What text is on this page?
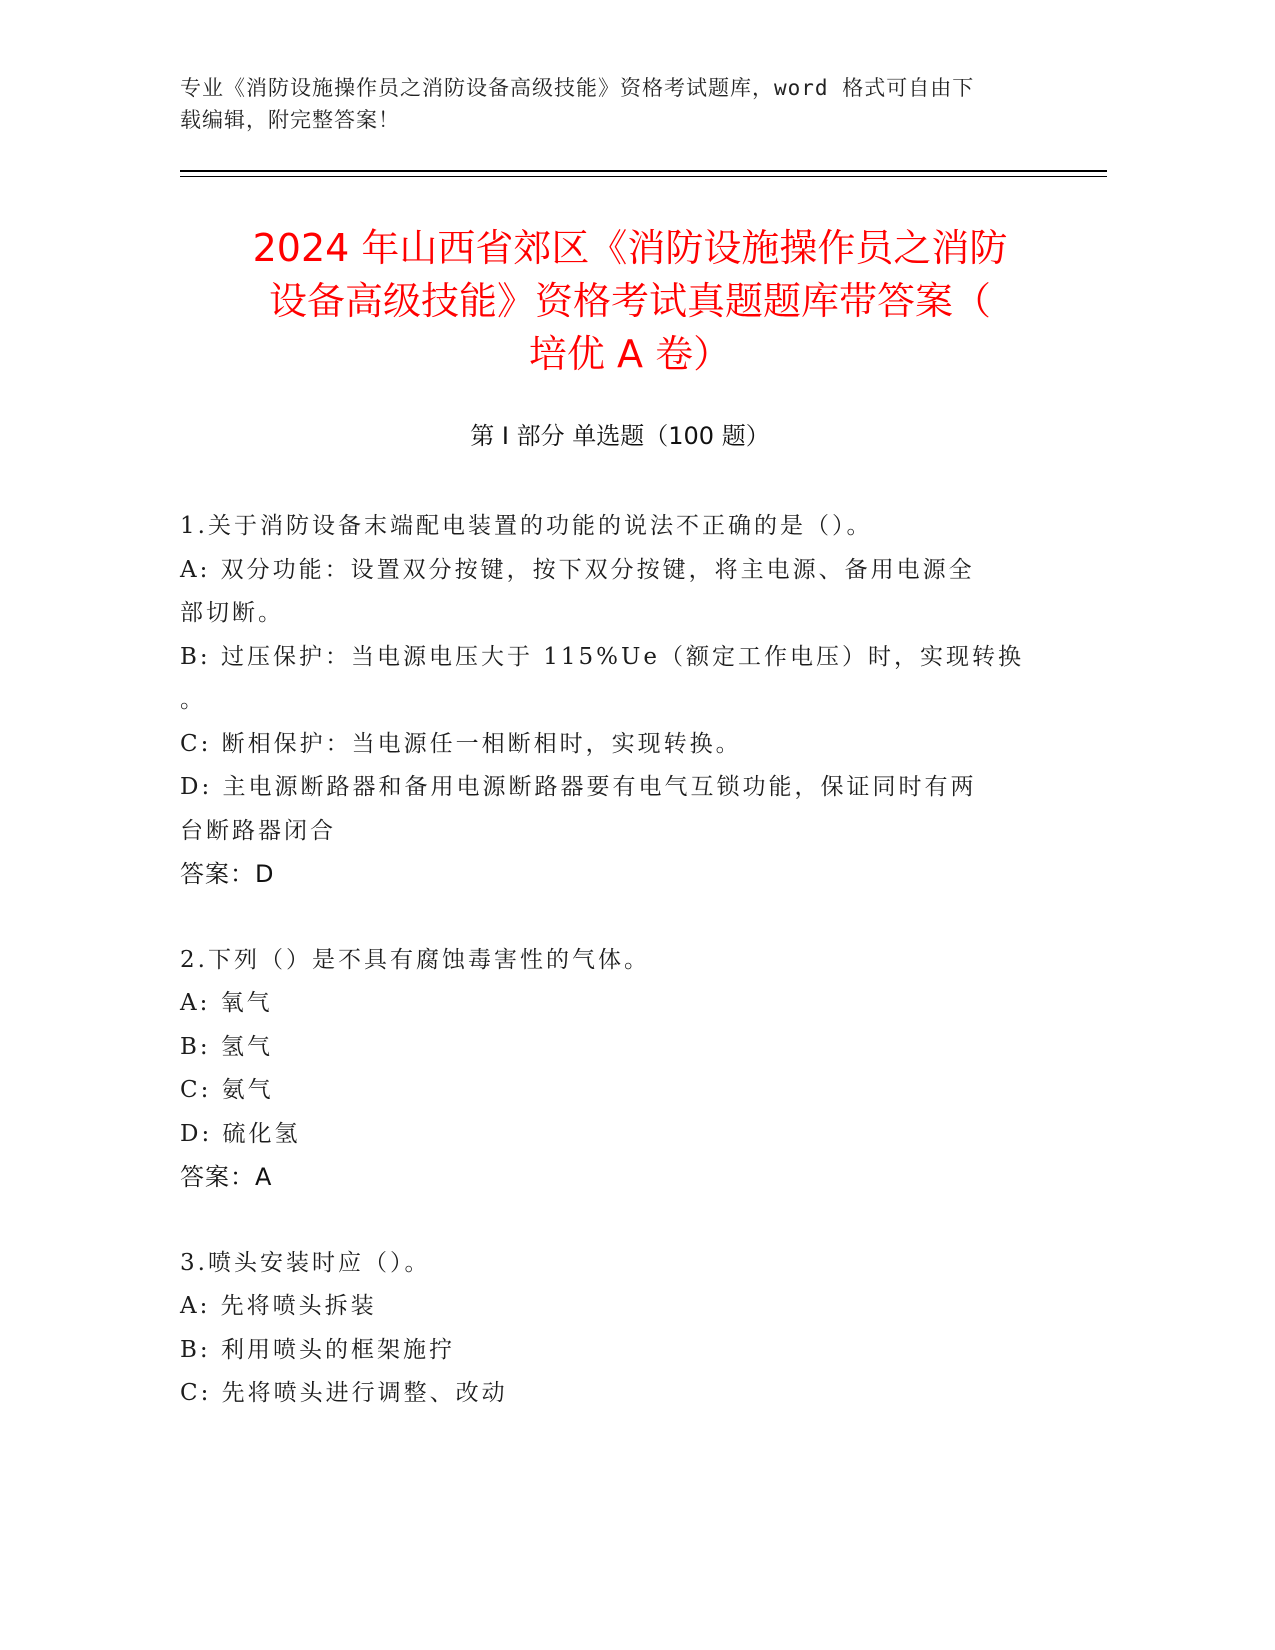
专业《消防设施操作员之消防设备高级技能》资格考试题库，word 格式可自由下
载编辑，附完整答案！
2024 年山西省郊区《消防设施操作员之消防
设备高级技能》资格考试真题题库带答案（
培优 A 卷）
第 I 部分 单选题（100 题）
1.关于消防设备末端配电装置的功能的说法不正确的是（）。
A: 双分功能：设置双分按键，按下双分按键，将主电源、备用电源全
部切断。
B: 过压保护：当电源电压大于 115%Ue（额定工作电压）时，实现转换
。
C: 断相保护：当电源任一相断相时，实现转换。
D: 主电源断路器和备用电源断路器要有电气互锁功能，保证同时有两
台断路器闭合
答案：D
2.下列（）是不具有腐蚀毒害性的气体。
A: 氧气
B: 氢气
C: 氨气
D: 硫化氢
答案：A
3.喷头安装时应（）。
A: 先将喷头拆装
B: 利用喷头的框架施拧
C: 先将喷头进行调整、改动
